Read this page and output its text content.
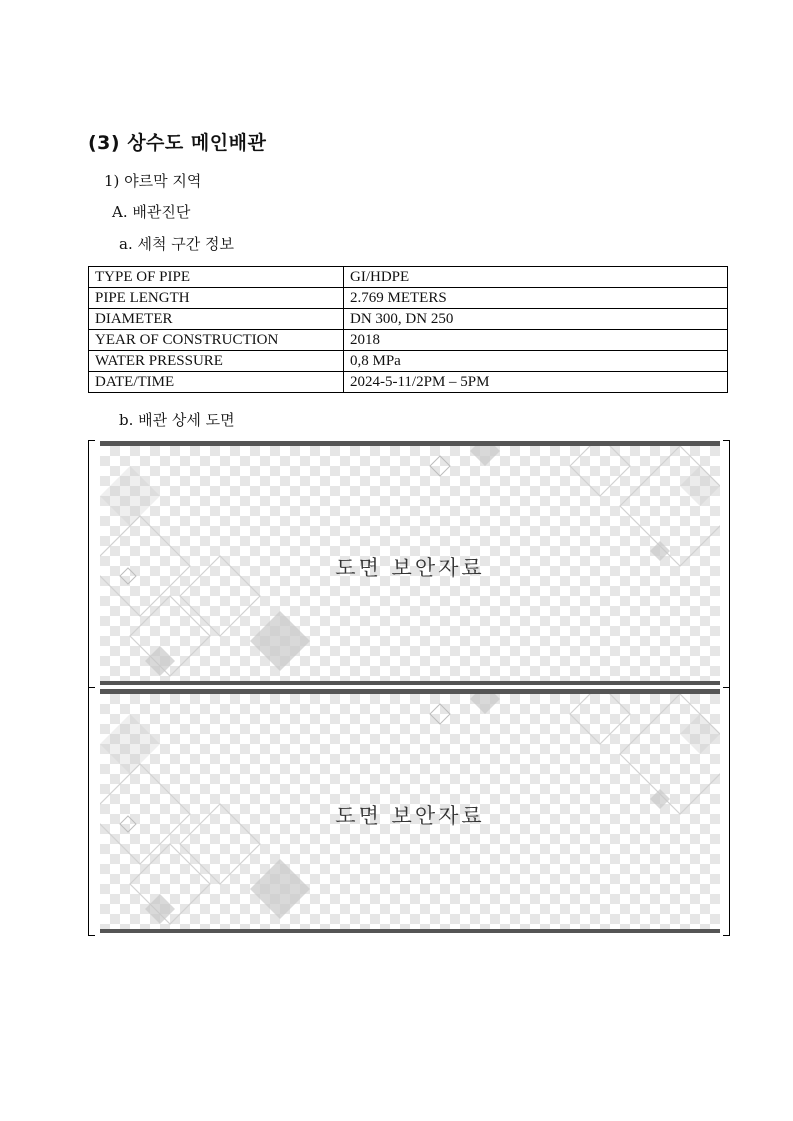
(3) 상수도 메인배관
1) 야르막 지역
A. 배관진단
a. 세척 구간 정보
TYPE OF PIPE	GI/HDPE
PIPE LENGTH	2.769 METERS
DIAMETER	DN 300, DN 250
YEAR OF CONSTRUCTION	2018
WATER PRESSURE	0,8 MPa
DATE/TIME	2024-5-11/2PM – 5PM
b. 배관 상세 도면
도면 보안자료
도면 보안자료
